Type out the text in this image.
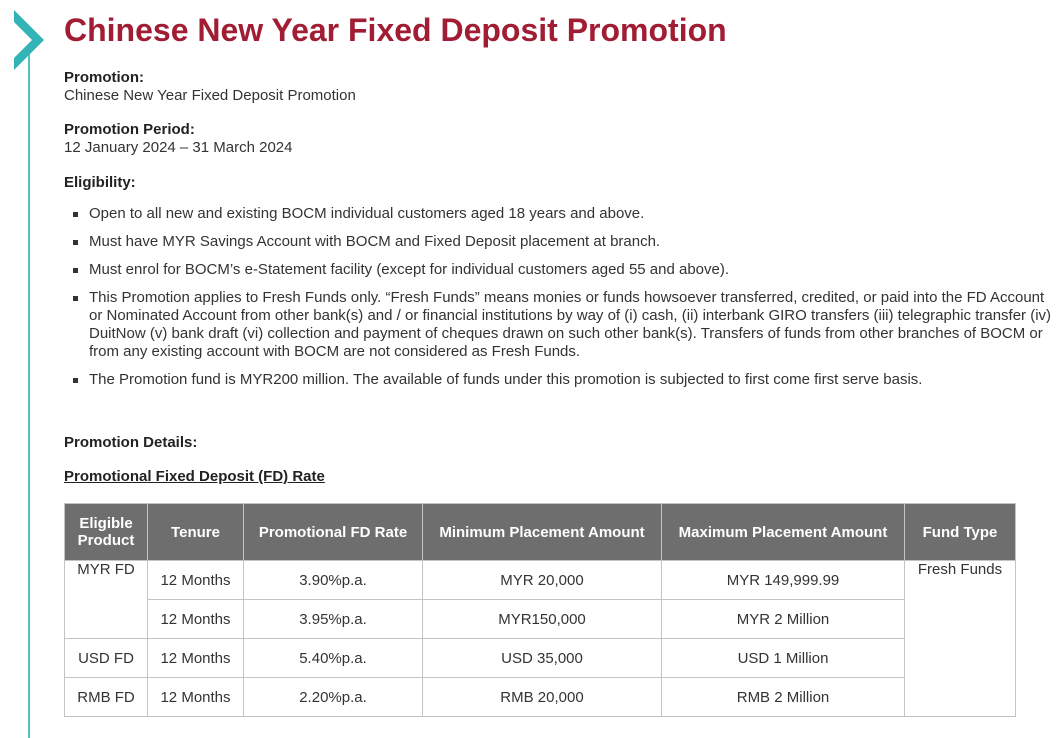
Chinese New Year Fixed Deposit Promotion
Promotion:
Chinese New Year Fixed Deposit Promotion
Promotion Period:
12 January 2024 – 31 March 2024
Eligibility:
Open to all new and existing BOCM individual customers aged 18 years and above.
Must have MYR Savings Account with BOCM and Fixed Deposit placement at branch.
Must enrol for BOCM’s e-Statement facility (except for individual customers aged 55 and above).
This Promotion applies to Fresh Funds only. “Fresh Funds” means monies or funds howsoever transferred, credited, or paid into the FD Account or Nominated Account from other bank(s) and / or financial institutions by way of (i) cash, (ii) interbank GIRO transfers (iii) telegraphic transfer (iv) DuitNow (v) bank draft (vi) collection and payment of cheques drawn on such other bank(s). Transfers of funds from other branches of BOCM or from any existing account with BOCM are not considered as Fresh Funds.
The Promotion fund is MYR200 million. The available of funds under this promotion is subjected to first come first serve basis.
Promotion Details:
Promotional Fixed Deposit (FD) Rate
Eligible Product	Tenure	Promotional FD Rate	Minimum Placement Amount	Maximum Placement Amount	Fund Type
MYR FD	12 Months	3.90%p.a.	MYR 20,000	MYR 149,999.99	Fresh Funds
	12 Months	3.95%p.a.	MYR150,000	MYR 2 Million	
USD FD	12 Months	5.40%p.a.	USD 35,000	USD 1 Million	
RMB FD	12 Months	2.20%p.a.	RMB 20,000	RMB 2 Million	
